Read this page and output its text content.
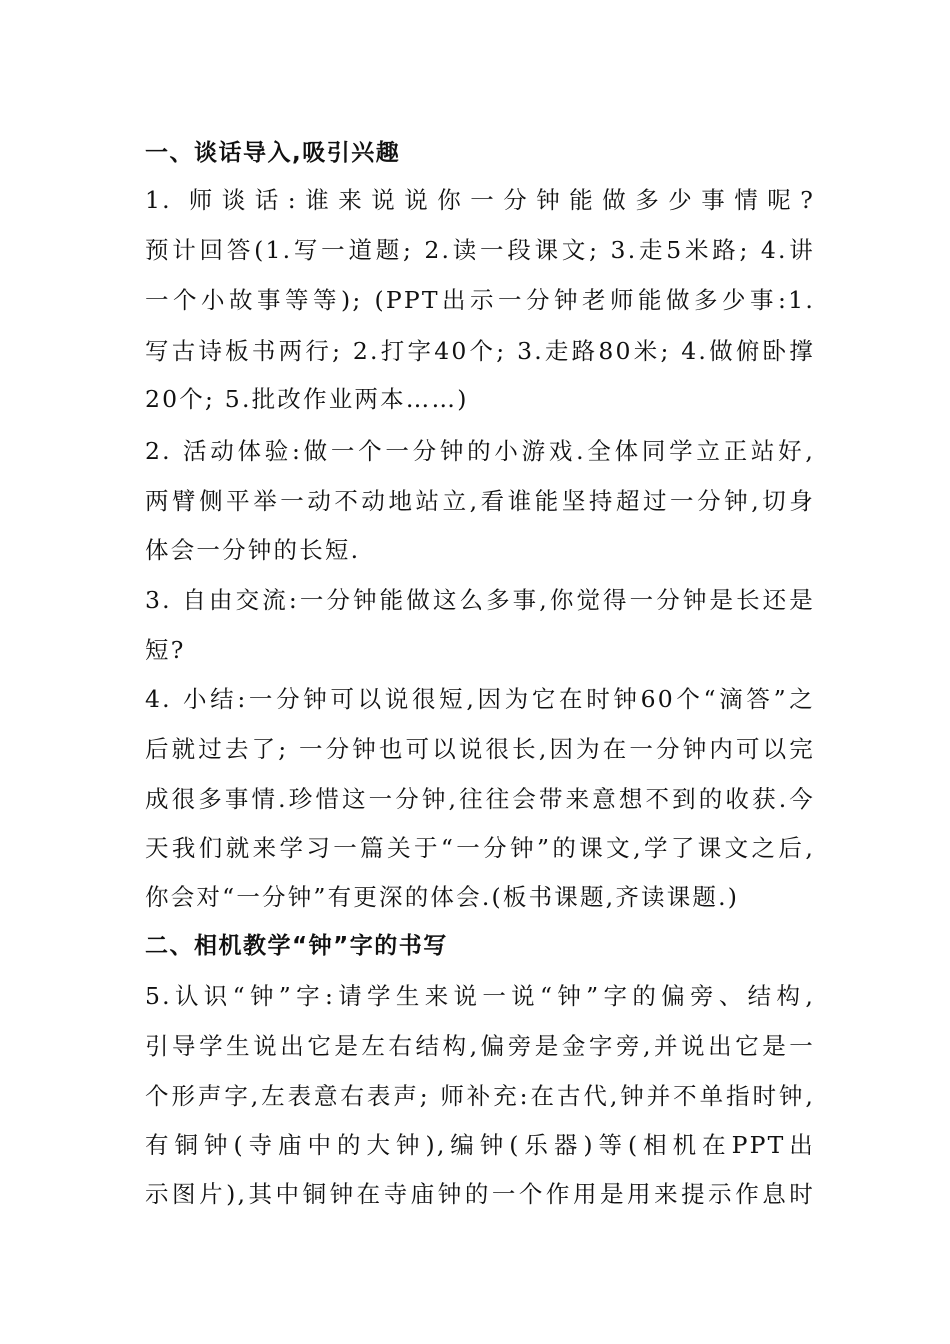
一、谈话导入,吸引兴趣
1. 师谈话:谁来说说你一分钟能做多少事情呢?
预计回答(1.写一道题; 2.读一段课文; 3.走5米路; 4.讲
一个小故事等等); (PPT出示一分钟老师能做多少事:1.
写古诗板书两行; 2.打字40个; 3.走路80米; 4.做俯卧撑
20个; 5.批改作业两本……)
2. 活动体验:做一个一分钟的小游戏.全体同学立正站好,
两臂侧平举一动不动地站立,看谁能坚持超过一分钟,切身
体会一分钟的长短.
3. 自由交流:一分钟能做这么多事,你觉得一分钟是长还是
短?
4. 小结:一分钟可以说很短,因为它在时钟60个“滴答”之
后就过去了; 一分钟也可以说很长,因为在一分钟内可以完
成很多事情.珍惜这一分钟,往往会带来意想不到的收获.今
天我们就来学习一篇关于“一分钟”的课文,学了课文之后,
你会对“一分钟”有更深的体会.(板书课题,齐读课题.)
二、相机教学“钟”字的书写
5.认识“钟”字:请学生来说一说“钟”字的偏旁、结构,
引导学生说出它是左右结构,偏旁是金字旁,并说出它是一
个形声字,左表意右表声; 师补充:在古代,钟并不单指时钟,
有铜钟(寺庙中的大钟),编钟(乐器)等(相机在PPT出
示图片),其中铜钟在寺庙钟的一个作用是用来提示作息时
